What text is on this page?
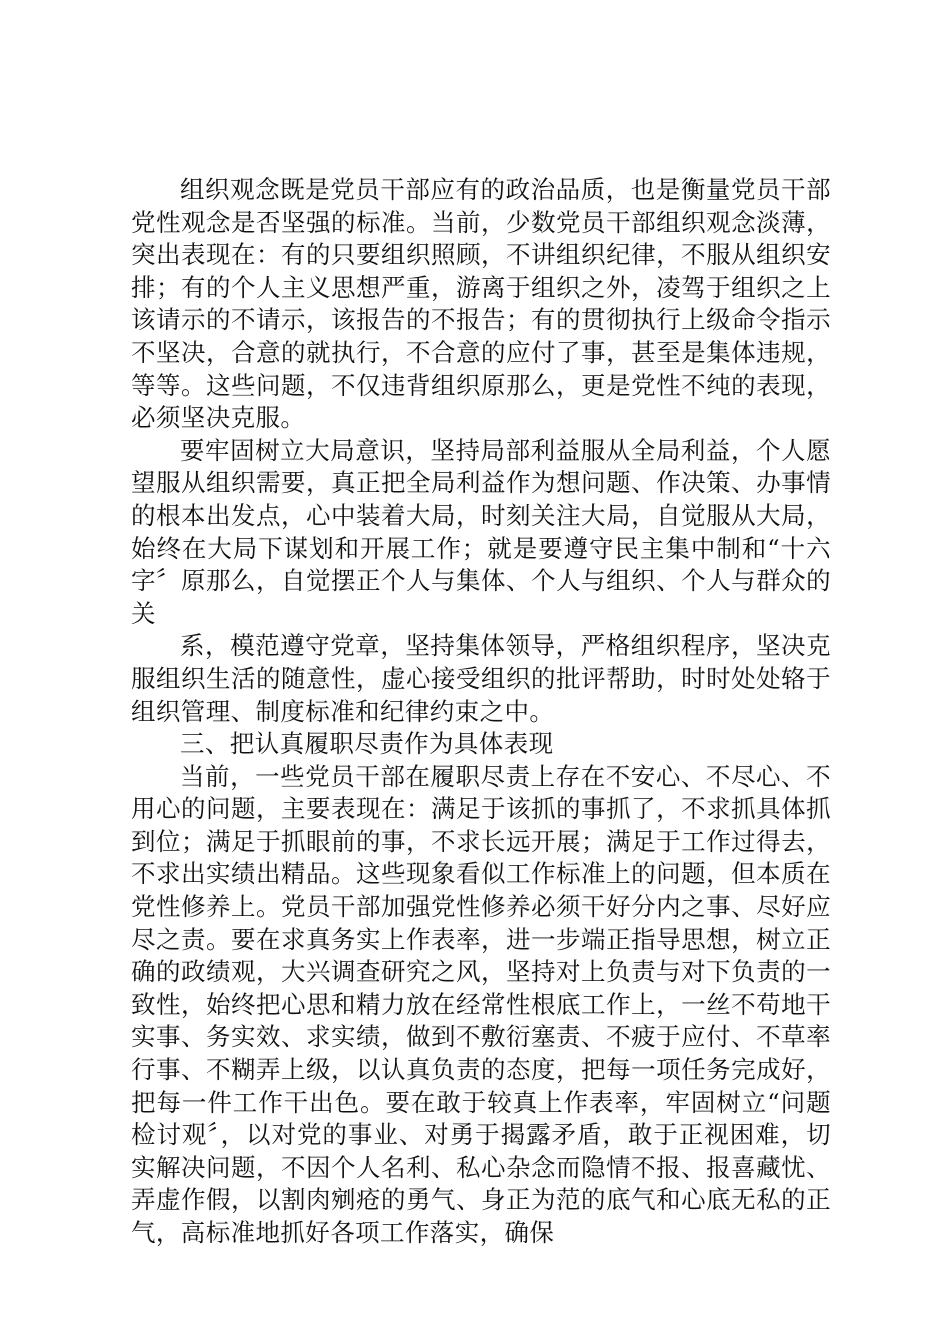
组织观念既是党员干部应有的政治品质，也是衡量党员干部党性观念是否坚强的标准。当前，少数党员干部组织观念淡薄，突出表现在：有的只要组织照顾，不讲组织纪律，不服从组织安排；有的个人主义思想严重，游离于组织之外，凌驾于组织之上该请示的不请示，该报告的不报告；有的贯彻执行上级命令指示不坚决，合意的就执行，不合意的应付了事，甚至是集体违规，等等。这些问题，不仅违背组织原那么，更是党性不纯的表现，必须坚决克服。

要牢固树立大局意识，坚持局部利益服从全局利益，个人愿望服从组织需要，真正把全局利益作为想问题、作决策、办事情的根本出发点，心中装着大局，时刻关注大局，自觉服从大局，始终在大局下谋划和开展工作；就是要遵守民主集中制和“十六字〞原那么，自觉摆正个人与集体、个人与组织、个人与群众的关

系，模范遵守党章，坚持集体领导，严格组织程序，坚决克服组织生活的随意性，虚心接受组织的批评帮助，时时处处辂于组织管理、制度标准和纪律约束之中。

三、把认真履职尽责作为具体表现

当前，一些党员干部在履职尽责上存在不安心、不尽心、不用心的问题，主要表现在：满足于该抓的事抓了，不求抓具体抓到位；满足于抓眼前的事，不求长远开展；满足于工作过得去，不求出实绩出精品。这些现象看似工作标准上的问题，但本质在党性修养上。党员干部加强党性修养必须干好分内之事、尽好应尽之责。要在求真务实上作表率，进一步端正指导思想，树立正确的政绩观，大兴调查研究之风，坚持对上负责与对下负责的一致性，始终把心思和精力放在经常性根底工作上，一丝不苟地干实事、务实效、求实绩，做到不敷衍塞责、不疲于应付、不草率行事、不糊弄上级，以认真负责的态度，把每一项任务完成好，把每一件工作干出色。要在敢于较真上作表率，牢固树立“问题检讨观〞，以对党的事业、对勇于揭露矛盾，敢于正视困难，切实解决问题，不因个人名利、私心杂念而隐情不报、报喜藏忧、弄虚作假，以割肉剜疮的勇气、身正为范的底气和心底无私的正气，高标准地抓好各项工作落实，确保
